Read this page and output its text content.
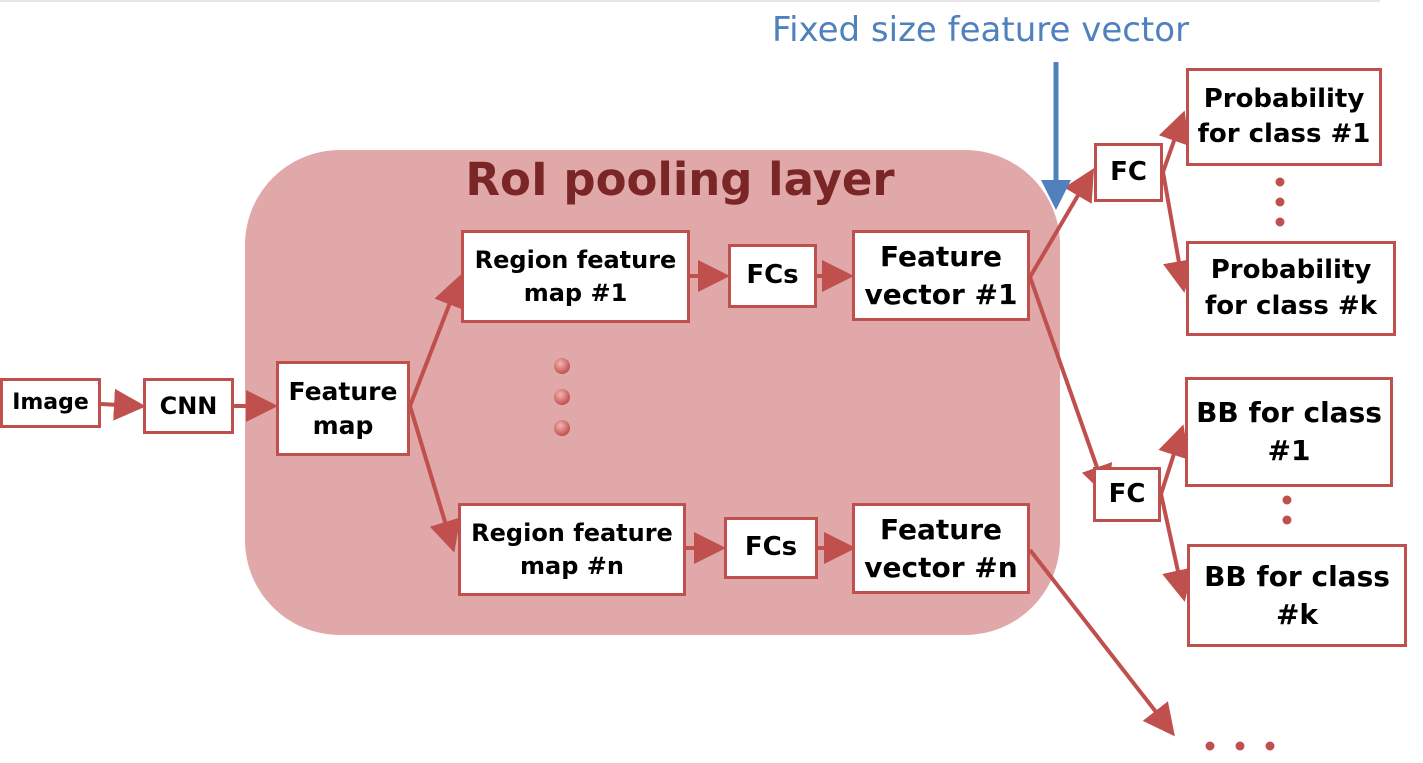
RoI pooling layer
Fixed size feature vector
Image	CNN
Feature map
Region feature map #1
Region feature map #n
FCs
FCs
Feature vector #1
Feature vector #n
FC
FC
Probability for class #1
Probability for class #k
BB for class #1
BB for class #k
